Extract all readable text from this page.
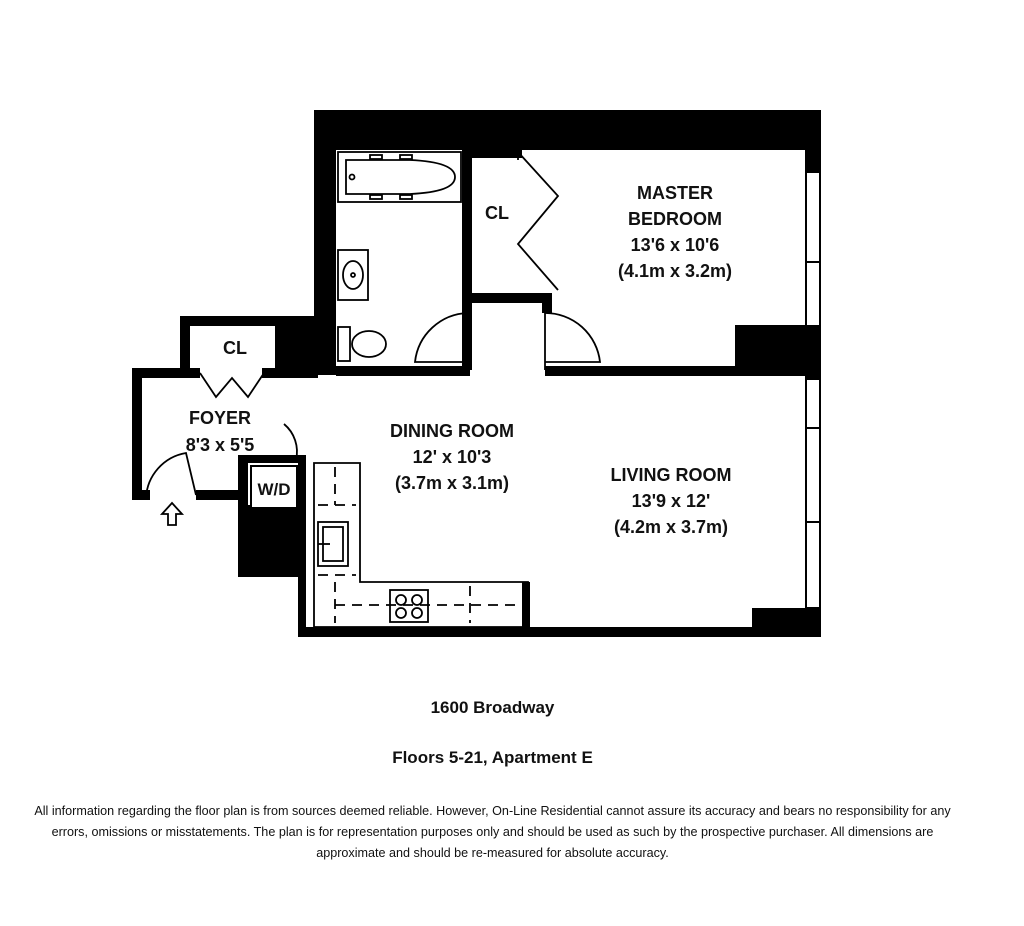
W/D
MASTER
BEDROOM
13'6 x 10'6
(4.1m x 3.2m)
CL
CL
FOYER
8'3 x 5'5
DINING ROOM
12' x 10'3
(3.7m x 3.1m)	LIVING ROOM
13'9 x 12'
(4.2m x 3.7m)
1600 Broadway
Floors 5-21, Apartment E
All information regarding the floor plan is from sources deemed reliable. However, On-Line Residential cannot assure its accuracy and bears no responsibility for any errors, omissions or misstatements. The plan is for representation purposes only and should be used as such by the prospective purchaser. All dimensions are approximate and should be re-measured for absolute accuracy.
